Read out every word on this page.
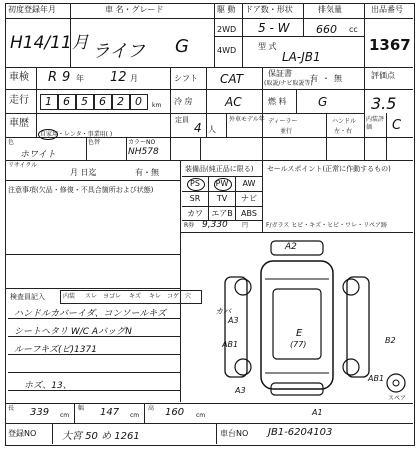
初度登録年月
H14/11月
車 名・グレード
ライフ G
駆 動
2WD
4WD
ドア数・形状
5 - W
排気量
660 cc
型 式
LA-JB1
出品番号
1367
車検 R 9 年 12 月	シフト CAT	保証書
(取説/ナビ取説等)
有 ・ 無	評価点
3.5
走行 1 6 5 6 2 0 km 冷 房	AC	燃 料	G
車歴
自家用・レンタ・事業用( )
定員
4 人
外車モデル年 ディーラー
並行
ハンドル
左・右
内装評価	C
色
ホワイト
色替	カラーNO
NH578
リサイクル
月 日迄	有・無	装備品(純正品に限る) セールスポイント(正常に作動するもの)
PS	PW	AW
SR	TV	ナビ
カワ	エアB	ABS
R券 9,330 円
注意事項(欠品・修復・不具合箇所および状態)
F/ガラス ヒビ・キズ・ヒビ・ワレ・リペア跡
検査員記入	内装 スレ ヨゴレ キズ キレ コゲ 穴
ハンドルカバーイダ、コンソールキズ
シートヘタリ W/C AバッグN
ルーフキズ(ピ)1371
ホズ、13、
A2
E
(77)
カバ
A3
AB1	B2
A3
AB1
A1
スペア
長 339 cm
幅 147 cm
高 160 cm
登録NO	大宮 50 め 1261	車台NO JB1-6204103
